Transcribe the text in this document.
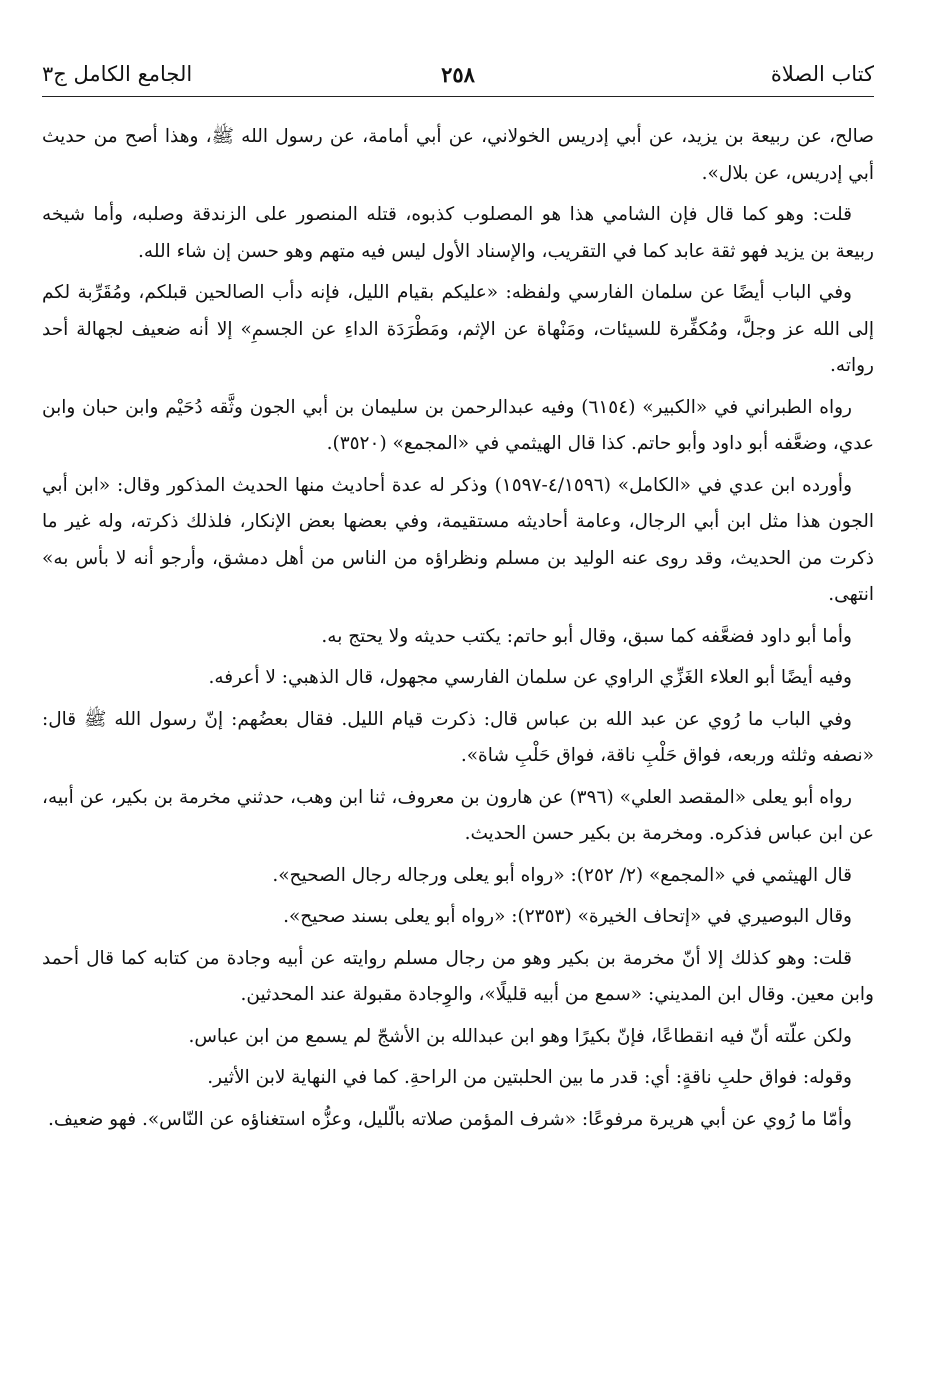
كتاب الصلاة
٢٥٨
الجامع الكامل ج٣

صالح، عن ربيعة بن يزيد، عن أبي إدريس الخولاني، عن أبي أمامة، عن رسول الله ﷺ، وهذا أصح من حديث أبي إدريس، عن بلال».

قلت: وهو كما قال فإن الشامي هذا هو المصلوب كذبوه، قتله المنصور على الزندقة وصلبه، وأما شيخه ربيعة بن يزيد فهو ثقة عابد كما في التقريب، والإسناد الأول ليس فيه متهم وهو حسن إن شاء الله.

وفي الباب أيضًا عن سلمان الفارسي ولفظه: «عليكم بقيام الليل، فإنه دأب الصالحين قبلكم، ومُقَرِّبة لكم إلى الله عز وجلَّ، ومُكفِّرة للسيئات، ومَنْهاة عن الإثم، ومَطْرَدَة الداءِ عن الجسمِ» إلا أنه ضعيف لجهالة أحد رواته.

رواه الطبراني في «الكبير» (٦١٥٤) وفيه عبدالرحمن بن سليمان بن أبي الجون وثَّقه دُحَيْم وابن حبان وابن عدي، وضعَّفه أبو داود وأبو حاتم. كذا قال الهيثمي في «المجمع» (٣٥٢٠).

وأورده ابن عدي في «الكامل» (٤/١٥٩٦-١٥٩٧) وذكر له عدة أحاديث منها الحديث المذكور وقال: «ابن أبي الجون هذا مثل ابن أبي الرجال، وعامة أحاديثه مستقيمة، وفي بعضها بعض الإنكار، فلذلك ذكرته، وله غير ما ذكرت من الحديث، وقد روى عنه الوليد بن مسلم ونظراؤه من الناس من أهل دمشق، وأرجو أنه لا بأس به» انتهى.

وأما أبو داود فضعَّفه كما سبق، وقال أبو حاتم: يكتب حديثه ولا يحتج به.

وفيه أيضًا أبو العلاء الغَزِّي الراوي عن سلمان الفارسي مجهول، قال الذهبي: لا أعرفه.

وفي الباب ما رُوي عن عبد الله بن عباس قال: ذكرت قيام الليل. فقال بعضُهم: إنّ رسول الله ﷺ قال: «نصفه وثلثه وربعه، فواق حَلْبِ ناقة، فواق حَلْبِ شاة».

رواه أبو يعلى «المقصد العلي» (٣٩٦) عن هارون بن معروف، ثنا ابن وهب، حدثني مخرمة بن بكير، عن أبيه، عن ابن عباس فذكره. ومخرمة بن بكير حسن الحديث.

قال الهيثمي في «المجمع» (٢/ ٢٥٢): «رواه أبو يعلى ورجاله رجال الصحيح».

وقال البوصيري في «إتحاف الخيرة» (٢٣٥٣): «رواه أبو يعلى بسند صحيح».

قلت: وهو كذلك إلا أنّ مخرمة بن بكير وهو من رجال مسلم روايته عن أبيه وجادة من كتابه كما قال أحمد وابن معين. وقال ابن المديني: «سمع من أبيه قليلًا»، والوِجادة مقبولة عند المحدثين.

ولكن علّته أنّ فيه انقطاعًا، فإنّ بكيرًا وهو ابن عبدالله بن الأشجّ لم يسمع من ابن عباس.

وقوله: فواق حلبِ ناقةٍ: أي: قدر ما بين الحلبتين من الراحةِ. كما في النهاية لابن الأثير.

وأمّا ما رُوي عن أبي هريرة مرفوعًا: «شرف المؤمن صلاته بالّليل، وعزُّه استغناؤه عن النّاس». فهو ضعيف.
